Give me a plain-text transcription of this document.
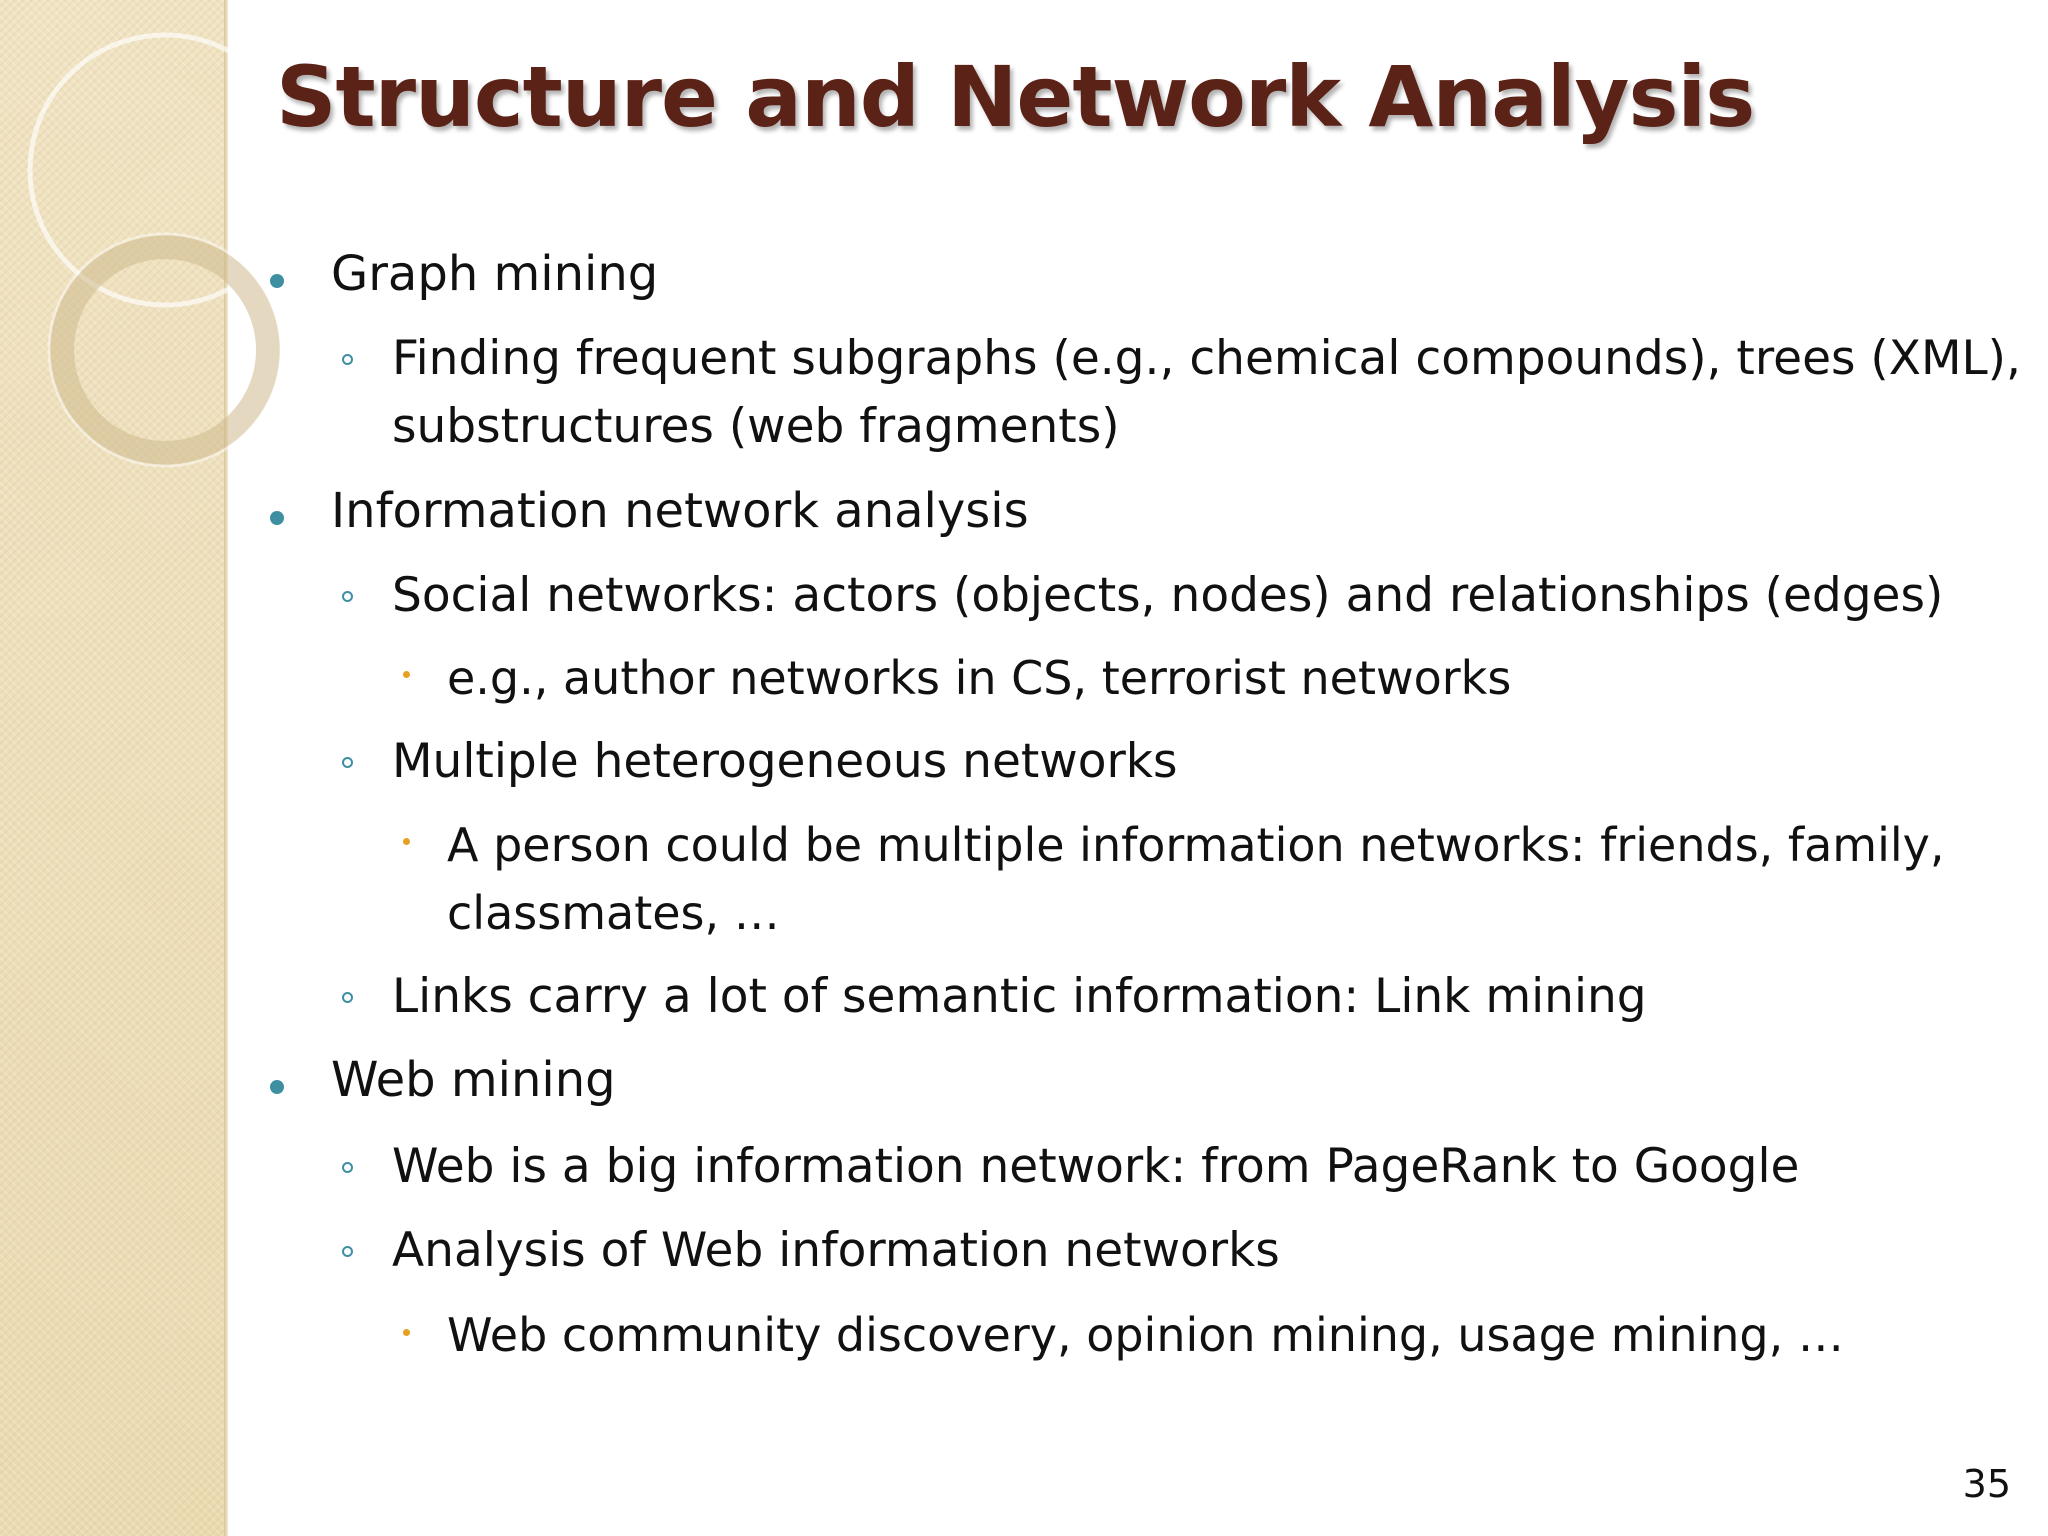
Structure and Network Analysis
Graph mining
Finding frequent subgraphs (e.g., chemical compounds), trees (XML),
substructures (web fragments)
Information network analysis
Social networks: actors (objects, nodes) and relationships (edges)
e.g., author networks in CS, terrorist networks
Multiple heterogeneous networks
A person could be multiple information networks: friends, family,
classmates, …
Links carry a lot of semantic information: Link mining
Web mining
Web is a big information network: from PageRank to Google
Analysis of Web information networks
Web community discovery, opinion mining, usage mining, …
35
